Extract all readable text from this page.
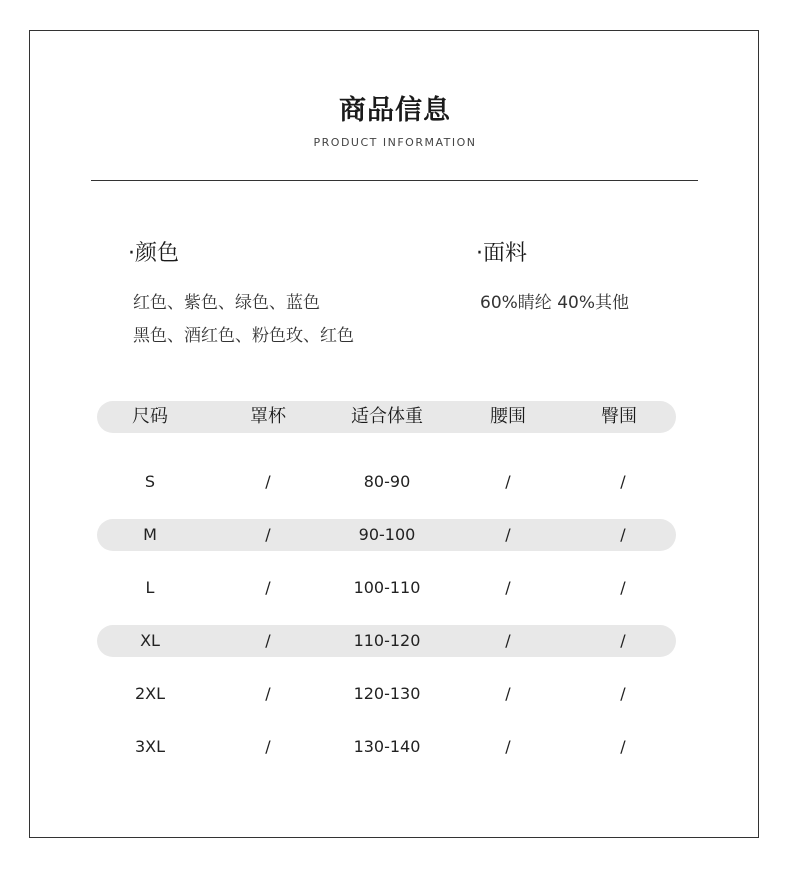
商品信息
PRODUCT INFORMATION
·颜色
红色、紫色、绿色、蓝色
黑色、酒红色、粉色玫、红色
·面料
60%睛纶 40%其他
尺码	罩杯	适合体重	腰围	臀围
S	/	80-90	/	/
M	/	90-100	/	/
L	/	100-110	/	/
XL	/	110-120	/	/
2XL	/	120-130	/	/
3XL	/	130-140	/	/
